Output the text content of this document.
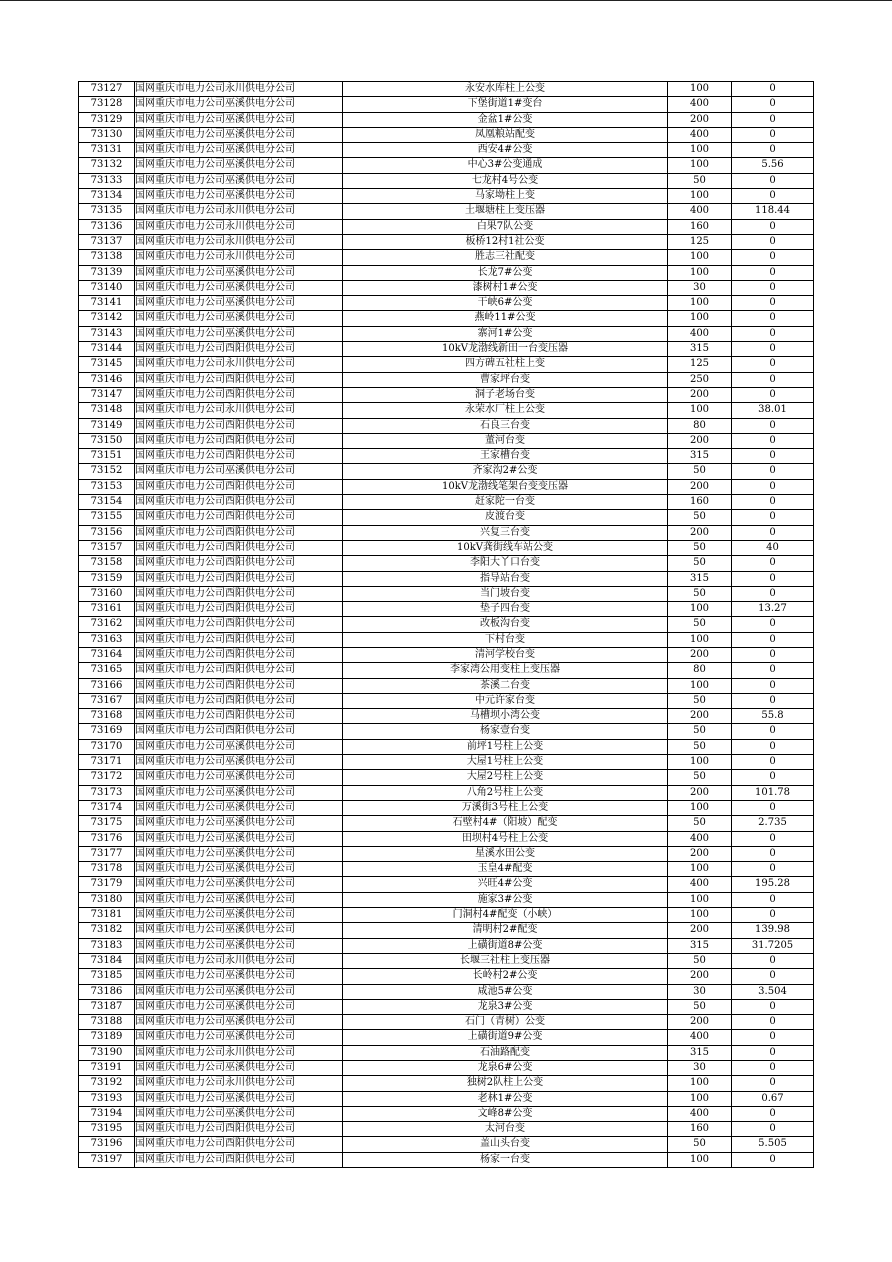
73127	国网重庆市电力公司永川供电分公司	永安水库柱上公变	100	0
73128	国网重庆市电力公司巫溪供电分公司	下堡街道1#变台	400	0
73129	国网重庆市电力公司巫溪供电分公司	金盆1#公变	200	0
73130	国网重庆市电力公司巫溪供电分公司	凤凰粮站配变	400	0
73131	国网重庆市电力公司巫溪供电分公司	西安4#公变	100	0
73132	国网重庆市电力公司巫溪供电分公司	中心3#公变通成	100	5.56
73133	国网重庆市电力公司巫溪供电分公司	七龙村4号公变	50	0
73134	国网重庆市电力公司巫溪供电分公司	马家坳柱上变	100	0
73135	国网重庆市电力公司永川供电分公司	土堰塘柱上变压器	400	118.44
73136	国网重庆市电力公司永川供电分公司	白果7队公变	160	0
73137	国网重庆市电力公司永川供电分公司	板桥12村1社公变	125	0
73138	国网重庆市电力公司永川供电分公司	胜志三社配变	100	0
73139	国网重庆市电力公司巫溪供电分公司	长龙7#公变	100	0
73140	国网重庆市电力公司巫溪供电分公司	漆树村1#公变	30	0
73141	国网重庆市电力公司巫溪供电分公司	干峡6#公变	100	0
73142	国网重庆市电力公司巫溪供电分公司	燕岭11#公变	100	0
73143	国网重庆市电力公司巫溪供电分公司	寨河1#公变	400	0
73144	国网重庆市电力公司酉阳供电分公司	10kV龙渤线新田一台变压器	315	0
73145	国网重庆市电力公司永川供电分公司	四方碑五社柱上变	125	0
73146	国网重庆市电力公司酉阳供电分公司	曹家坪台变	250	0
73147	国网重庆市电力公司酉阳供电分公司	洞子老场台变	200	0
73148	国网重庆市电力公司永川供电分公司	永荣水厂柱上公变	100	38.01
73149	国网重庆市电力公司酉阳供电分公司	石良三台变	80	0
73150	国网重庆市电力公司酉阳供电分公司	董河台变	200	0
73151	国网重庆市电力公司酉阳供电分公司	王家槽台变	315	0
73152	国网重庆市电力公司巫溪供电分公司	齐家沟2#公变	50	0
73153	国网重庆市电力公司酉阳供电分公司	10kV龙渤线笔架台变变压器	200	0
73154	国网重庆市电力公司酉阳供电分公司	赶家陀一台变	160	0
73155	国网重庆市电力公司酉阳供电分公司	皮渡台变	50	0
73156	国网重庆市电力公司酉阳供电分公司	兴复三台变	200	0
73157	国网重庆市电力公司酉阳供电分公司	10kV龚街线车站公变	50	40
73158	国网重庆市电力公司酉阳供电分公司	李阳大丫口台变	50	0
73159	国网重庆市电力公司酉阳供电分公司	指导站台变	315	0
73160	国网重庆市电力公司酉阳供电分公司	当门坡台变	50	0
73161	国网重庆市电力公司酉阳供电分公司	垫子四台变	100	13.27
73162	国网重庆市电力公司酉阳供电分公司	改板沟台变	50	0
73163	国网重庆市电力公司酉阳供电分公司	下村台变	100	0
73164	国网重庆市电力公司酉阳供电分公司	清河学校台变	200	0
73165	国网重庆市电力公司酉阳供电分公司	李家湾公用变柱上变压器	80	0
73166	国网重庆市电力公司酉阳供电分公司	茶溪二台变	100	0
73167	国网重庆市电力公司酉阳供电分公司	中元许家台变	50	0
73168	国网重庆市电力公司酉阳供电分公司	马槽坝小湾公变	200	55.8
73169	国网重庆市电力公司酉阳供电分公司	杨家壹台变	50	0
73170	国网重庆市电力公司巫溪供电分公司	前坪1号柱上公变	50	0
73171	国网重庆市电力公司巫溪供电分公司	大屋1号柱上公变	100	0
73172	国网重庆市电力公司巫溪供电分公司	大屋2号柱上公变	50	0
73173	国网重庆市电力公司巫溪供电分公司	八角2号柱上公变	200	101.78
73174	国网重庆市电力公司巫溪供电分公司	万溪街3号柱上公变	100	0
73175	国网重庆市电力公司巫溪供电分公司	石壁村4#（阳坡）配变	50	2.735
73176	国网重庆市电力公司巫溪供电分公司	田坝村4号柱上公变	400	0
73177	国网重庆市电力公司巫溪供电分公司	星溪水田公变	200	0
73178	国网重庆市电力公司巫溪供电分公司	玉皇4#配变	100	0
73179	国网重庆市电力公司巫溪供电分公司	兴旺4#公变	400	195.28
73180	国网重庆市电力公司巫溪供电分公司	施家3#公变	100	0
73181	国网重庆市电力公司巫溪供电分公司	门洞村4#配变（小峡）	100	0
73182	国网重庆市电力公司巫溪供电分公司	清明村2#配变	200	139.98
73183	国网重庆市电力公司巫溪供电分公司	上磺街道8#公变	315	31.7205
73184	国网重庆市电力公司永川供电分公司	长堰三社柱上变压器	50	0
73185	国网重庆市电力公司巫溪供电分公司	长岭村2#公变	200	0
73186	国网重庆市电力公司巫溪供电分公司	咸池5#公变	30	3.504
73187	国网重庆市电力公司巫溪供电分公司	龙泉3#公变	50	0
73188	国网重庆市电力公司巫溪供电分公司	石门（青树）公变	200	0
73189	国网重庆市电力公司巫溪供电分公司	上磺街道9#公变	400	0
73190	国网重庆市电力公司永川供电分公司	石油路配变	315	0
73191	国网重庆市电力公司巫溪供电分公司	龙泉6#公变	30	0
73192	国网重庆市电力公司永川供电分公司	独树2队柱上公变	100	0
73193	国网重庆市电力公司巫溪供电分公司	老林1#公变	100	0.67
73194	国网重庆市电力公司巫溪供电分公司	文峰8#公变	400	0
73195	国网重庆市电力公司酉阳供电分公司	太河台变	160	0
73196	国网重庆市电力公司酉阳供电分公司	盖山头台变	50	5.505
73197	国网重庆市电力公司酉阳供电分公司	杨家一台变	100	0
